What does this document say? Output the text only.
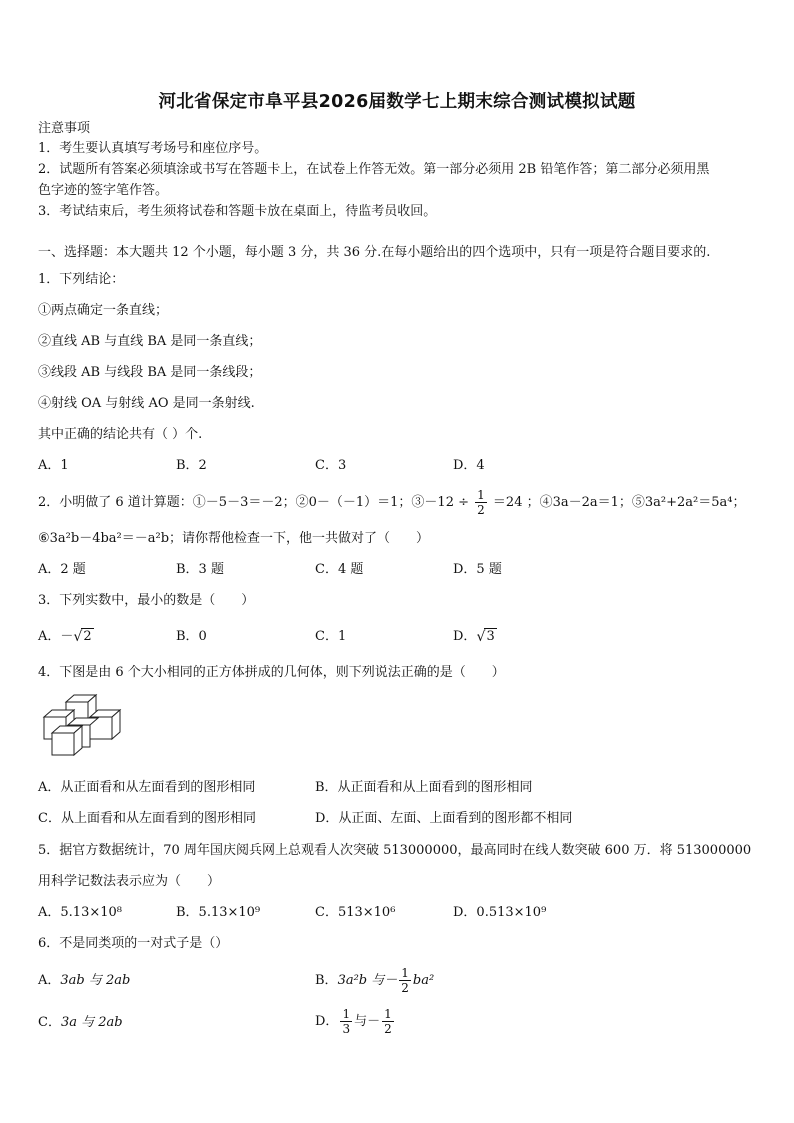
河北省保定市阜平县2026届数学七上期末综合测试模拟试题
注意事项
1．考生要认真填写考场号和座位序号。
2．试题所有答案必须填涂或书写在答题卡上，在试卷上作答无效。第一部分必须用 2B 铅笔作答；第二部分必须用黑
色字迹的签字笔作答。
3．考试结束后，考生须将试卷和答题卡放在桌面上，待监考员收回。
一、选择题：本大题共 12 个小题，每小题 3 分，共 36 分.在每小题给出的四个选项中，只有一项是符合题目要求的.
1．下列结论：
①两点确定一条直线；
②直线 AB 与直线 BA 是同一条直线；
③线段 AB 与线段 BA 是同一条线段；
④射线 OA 与射线 AO 是同一条射线.
其中正确的结论共有（ ）个.
A．1	B．2	C．3	D．4
2．小明做了 6 道计算题：①－5－3＝－2；②0－（－1）＝1；③－12 ÷ $\frac{1}{2} =24$ ；④3a－2a＝1；⑤3a²+2a²＝5a⁴；
⑥3a²b－4ba²＝－a²b；请你帮他检查一下，他一共做对了（　　）
A．2 题	B．3 题	C．4 题	D．5 题
3．下列实数中，最小的数是（　　）
A．－ √ 2	B．0	C．1	D． √ 3
4．下图是由 6 个大小相同的正方体拼成的几何体，则下列说法正确的是（　　）
A．从正面看和从左面看到的图形相同	B．从正面看和从上面看到的图形相同
C．从上面看和从左面看到的图形相同	D．从正面、左面、上面看到的图形都不相同
5．据官方数据统计，70 周年国庆阅兵网上总观看人次突破 513000000，最高同时在线人数突破 600 万．将 513000000
用科学记数法表示应为（　　）
A．5.13×10⁸	B．5.13×10⁹	C．513×10⁶	D．0.513×10⁹
6．不是同类项的一对式子是（）
A．3ab 与 2ab	B．3a²b 与－ $\frac{1}{2} ba^2$
C．3a 与 2ab	D． $\frac{1}{3}$ 与－ $\frac{1}{2}$
